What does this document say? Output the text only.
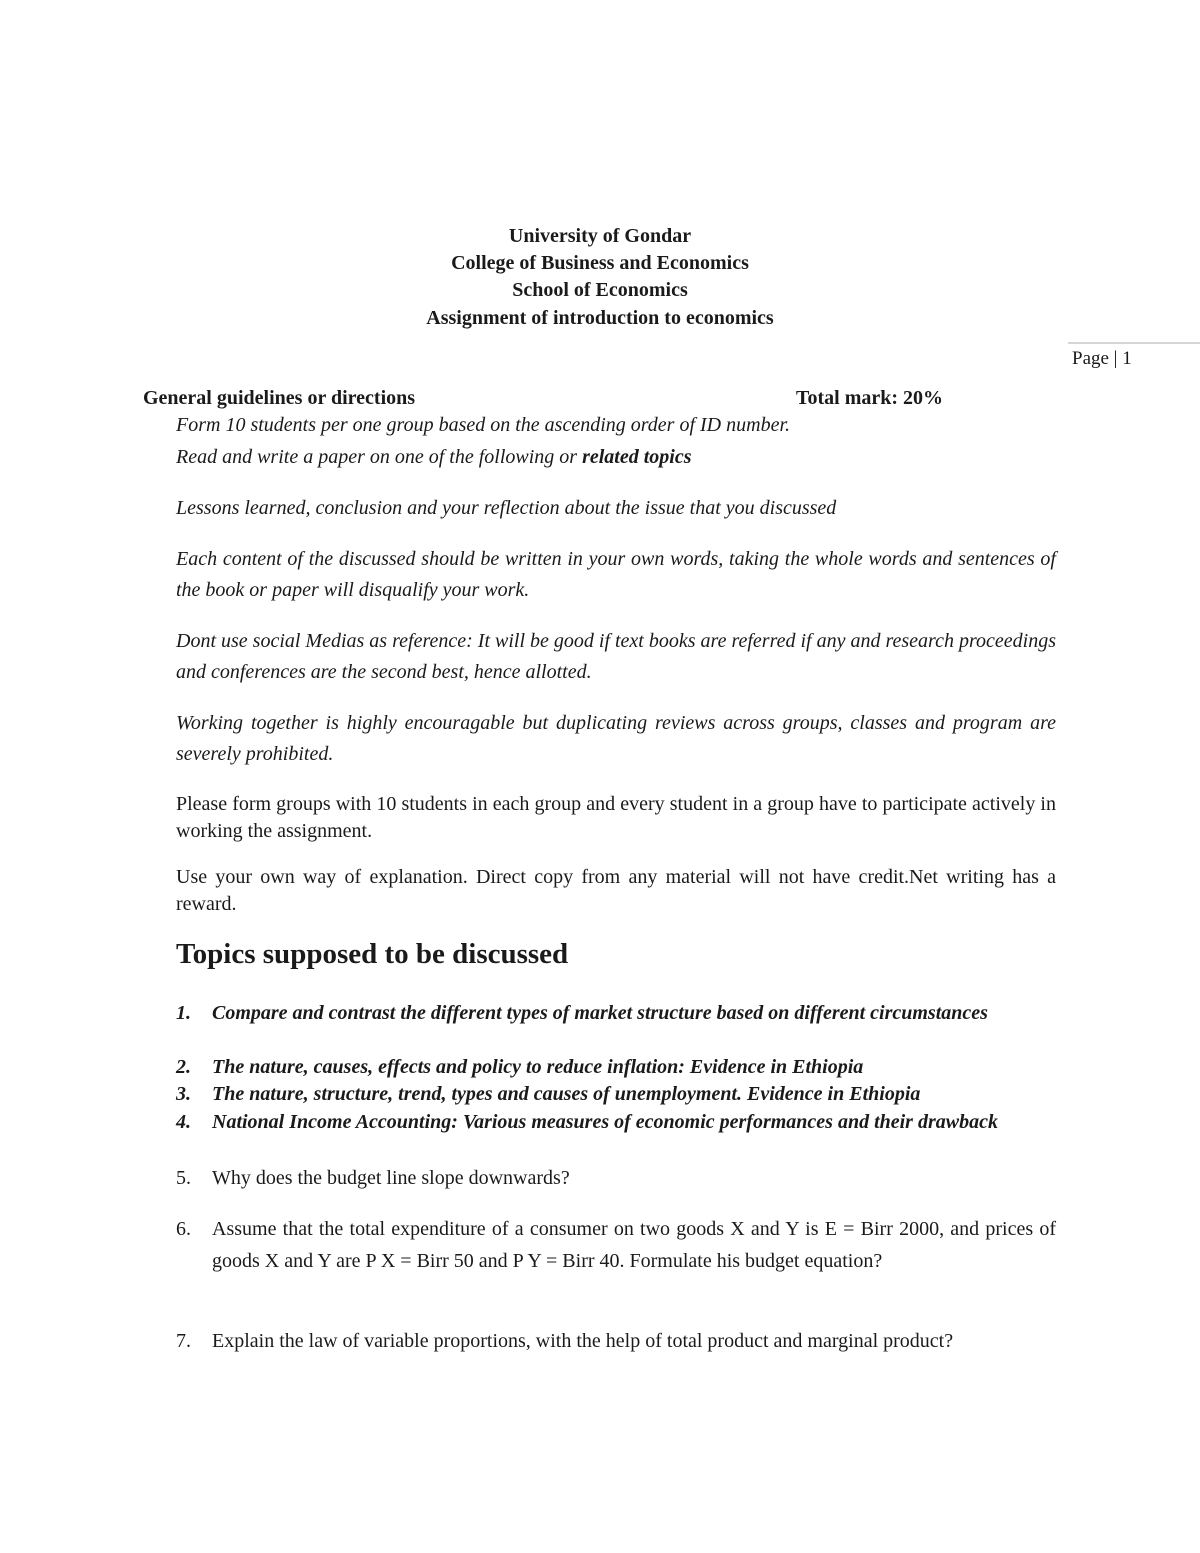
Page | 1
University of Gondar
College of Business and Economics
School of Economics
Assignment of introduction to economics
General guidelines or directions	Total mark: 20%
Form 10 students per one group based on the ascending order of ID number.
Read and write a paper on one of the following or related topics
Lessons learned, conclusion and your reflection about the issue that you discussed
Each content of the discussed should be written in your own words, taking the whole words and sentences of the book or paper will disqualify your work.
Dont use social Medias as reference: It will be good if text books are referred if any and research proceedings and conferences are the second best, hence allotted.
Working together is highly encouragable but duplicating reviews across groups, classes and program are severely prohibited.
Please form groups with 10 students in each group and every student in a group have to participate actively in working the assignment.
Use your own way of explanation. Direct copy from any material will not have credit.Net writing has a reward.
Topics supposed to be discussed
1. Compare and contrast the different types of market structure based on different circumstances
2. The nature, causes, effects and policy to reduce inflation: Evidence in Ethiopia
3. The nature, structure, trend, types and causes of unemployment. Evidence in Ethiopia
4. National Income Accounting: Various measures of economic performances and their drawback
5. Why does the budget line slope downwards?
6. Assume that the total expenditure of a consumer on two goods X and Y is E = Birr 2000, and prices of goods X and Y are P X = Birr 50 and P Y = Birr 40. Formulate his budget equation?
7. Explain the law of variable proportions, with the help of total product and marginal product?
